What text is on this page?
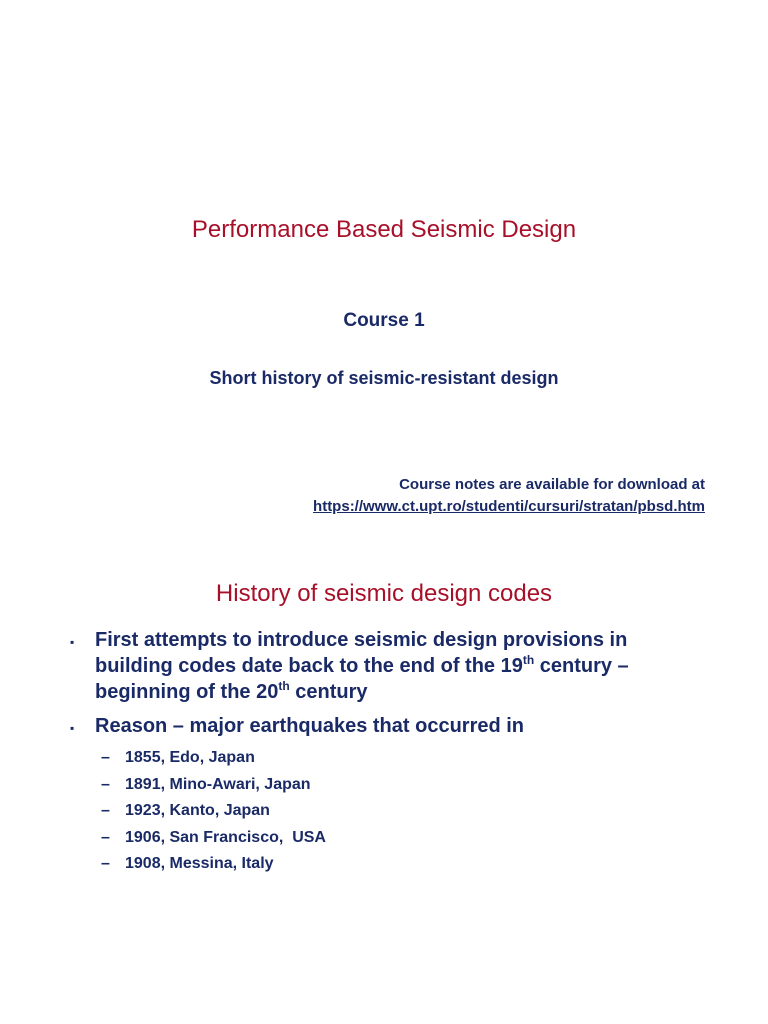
Performance Based Seismic Design
Course 1
Short history of seismic-resistant design
Course notes are available for download at
https://www.ct.upt.ro/studenti/cursuri/stratan/pbsd.htm
History of seismic design codes
▪ First attempts to introduce seismic design provisions in building codes date back to the end of the 19th century – beginning of the 20th century
▪ Reason – major earthquakes that occurred in
– 1855, Edo, Japan
– 1891, Mino-Awari, Japan
– 1923, Kanto, Japan
– 1906, San Francisco,  USA
– 1908, Messina, Italy
